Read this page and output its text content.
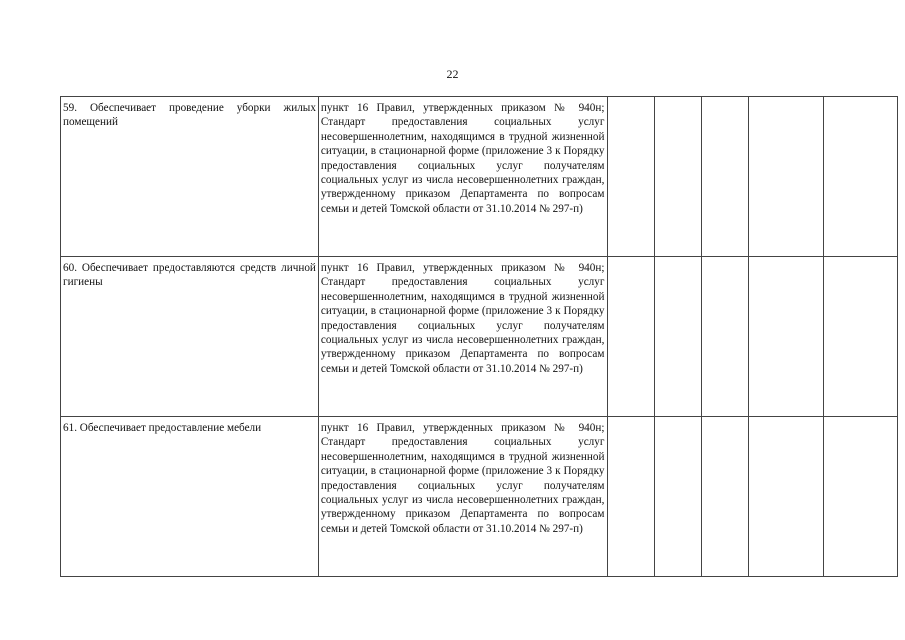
22
59. Обеспечивает проведение уборки жилых помещений	пункт 16 Правил, утвержденных приказом № 940н; Стандарт предоставления социальных услуг несовершеннолетним, находящимся в трудной жизненной ситуации, в стационарной форме (приложение 3 к Порядку предоставления социальных услуг получателям социальных услуг из числа несовершеннолетних граждан, утвержденному приказом Департамента по вопросам семьи и детей Томской области от 31.10.2014 № 297-п)					

60. Обеспечивает предоставляются средств личной гигиены	пункт 16 Правил, утвержденных приказом № 940н; Стандарт предоставления социальных услуг несовершеннолетним, находящимся в трудной жизненной ситуации, в стационарной форме (приложение 3 к Порядку предоставления социальных услуг получателям социальных услуг из числа несовершеннолетних граждан, утвержденному приказом Департамента по вопросам семьи и детей Томской области от 31.10.2014 № 297-п)					

61. Обеспечивает предоставление мебели	пункт 16 Правил, утвержденных приказом № 940н; Стандарт предоставления социальных услуг несовершеннолетним, находящимся в трудной жизненной ситуации, в стационарной форме (приложение 3 к Порядку предоставления социальных услуг получателям социальных услуг из числа несовершеннолетних граждан, утвержденному приказом Департамента по вопросам семьи и детей Томской области от 31.10.2014 № 297-п)					
